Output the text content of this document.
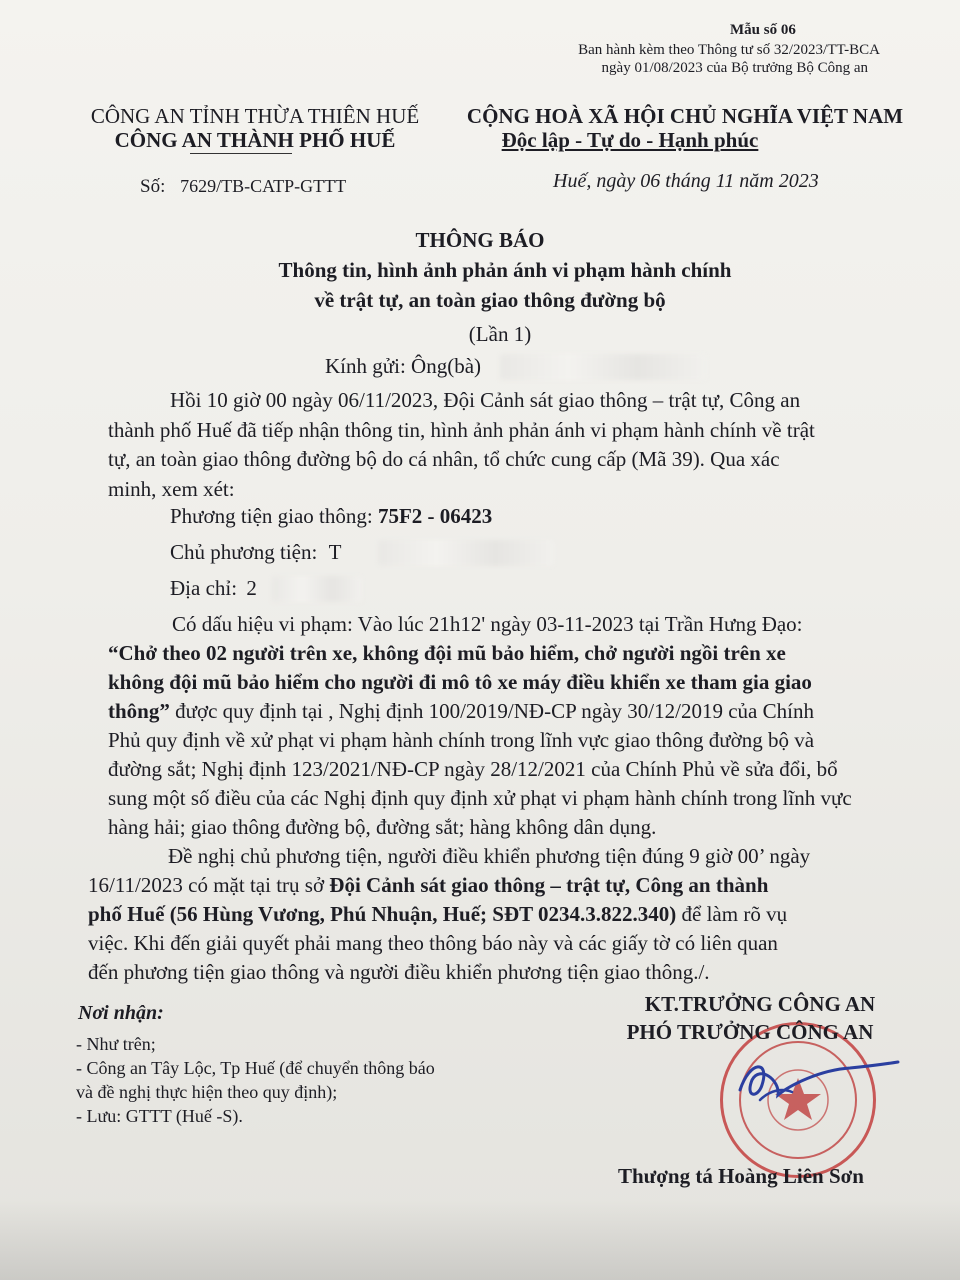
Mẫu số 06
Ban hành kèm theo Thông tư số 32/2023/TT-BCA
ngày 01/08/2023 của Bộ trưởng Bộ Công an
CÔNG AN TỈNH THỪA THIÊN HUẾ
CÔNG AN THÀNH PHỐ HUẾ
Số: 7629/TB-CATP-GTTT
CỘNG HOÀ XÃ HỘI CHỦ NGHĨA VIỆT NAM
Độc lập - Tự do - Hạnh phúc
Huế, ngày 06 tháng 11 năm 2023
THÔNG BÁO
Thông tin, hình ảnh phản ánh vi phạm hành chính
về trật tự, an toàn giao thông đường bộ
(Lần 1)
Kính gửi: Ông(bà)
Hồi 10 giờ 00 ngày 06/11/2023, Đội Cảnh sát giao thông – trật tự, Công an
thành phố Huế đã tiếp nhận thông tin, hình ảnh phản ánh vi phạm hành chính về trật
tự, an toàn giao thông đường bộ do cá nhân, tổ chức cung cấp (Mã 39). Qua xác
minh, xem xét:
Phương tiện giao thông: 75F2 - 06423
Chủ phương tiện: T
Địa chỉ: 2
Có dấu hiệu vi phạm: Vào lúc 21h12' ngày 03-11-2023 tại Trần Hưng Đạo:
“Chở theo 02 người trên xe, không đội mũ bảo hiểm, chở người ngồi trên xe
không đội mũ bảo hiểm cho người đi mô tô xe máy điều khiển xe tham gia giao
thông” được quy định tại , Nghị định 100/2019/NĐ-CP ngày 30/12/2019 của Chính
Phủ quy định về xử phạt vi phạm hành chính trong lĩnh vực giao thông đường bộ và
đường sắt; Nghị định 123/2021/NĐ-CP ngày 28/12/2021 của Chính Phủ về sửa đổi, bổ
sung một số điều của các Nghị định quy định xử phạt vi phạm hành chính trong lĩnh vực
hàng hải; giao thông đường bộ, đường sắt; hàng không dân dụng.
Đề nghị chủ phương tiện, người điều khiển phương tiện đúng 9 giờ 00’ ngày
16/11/2023 có mặt tại trụ sở Đội Cảnh sát giao thông – trật tự, Công an thành
phố Huế (56 Hùng Vương, Phú Nhuận, Huế; SĐT 0234.3.822.340) để làm rõ vụ
việc. Khi đến giải quyết phải mang theo thông báo này và các giấy tờ có liên quan
đến phương tiện giao thông và người điều khiển phương tiện giao thông./.
Nơi nhận:
- Như trên;
- Công an Tây Lộc, Tp Huế (để chuyển thông báo
và đề nghị thực hiện theo quy định);
- Lưu: GTTT (Huế -S).
KT.TRƯỞNG CÔNG AN
PHÓ TRƯỞNG CÔNG AN
Thượng tá Hoàng Liên Sơn
